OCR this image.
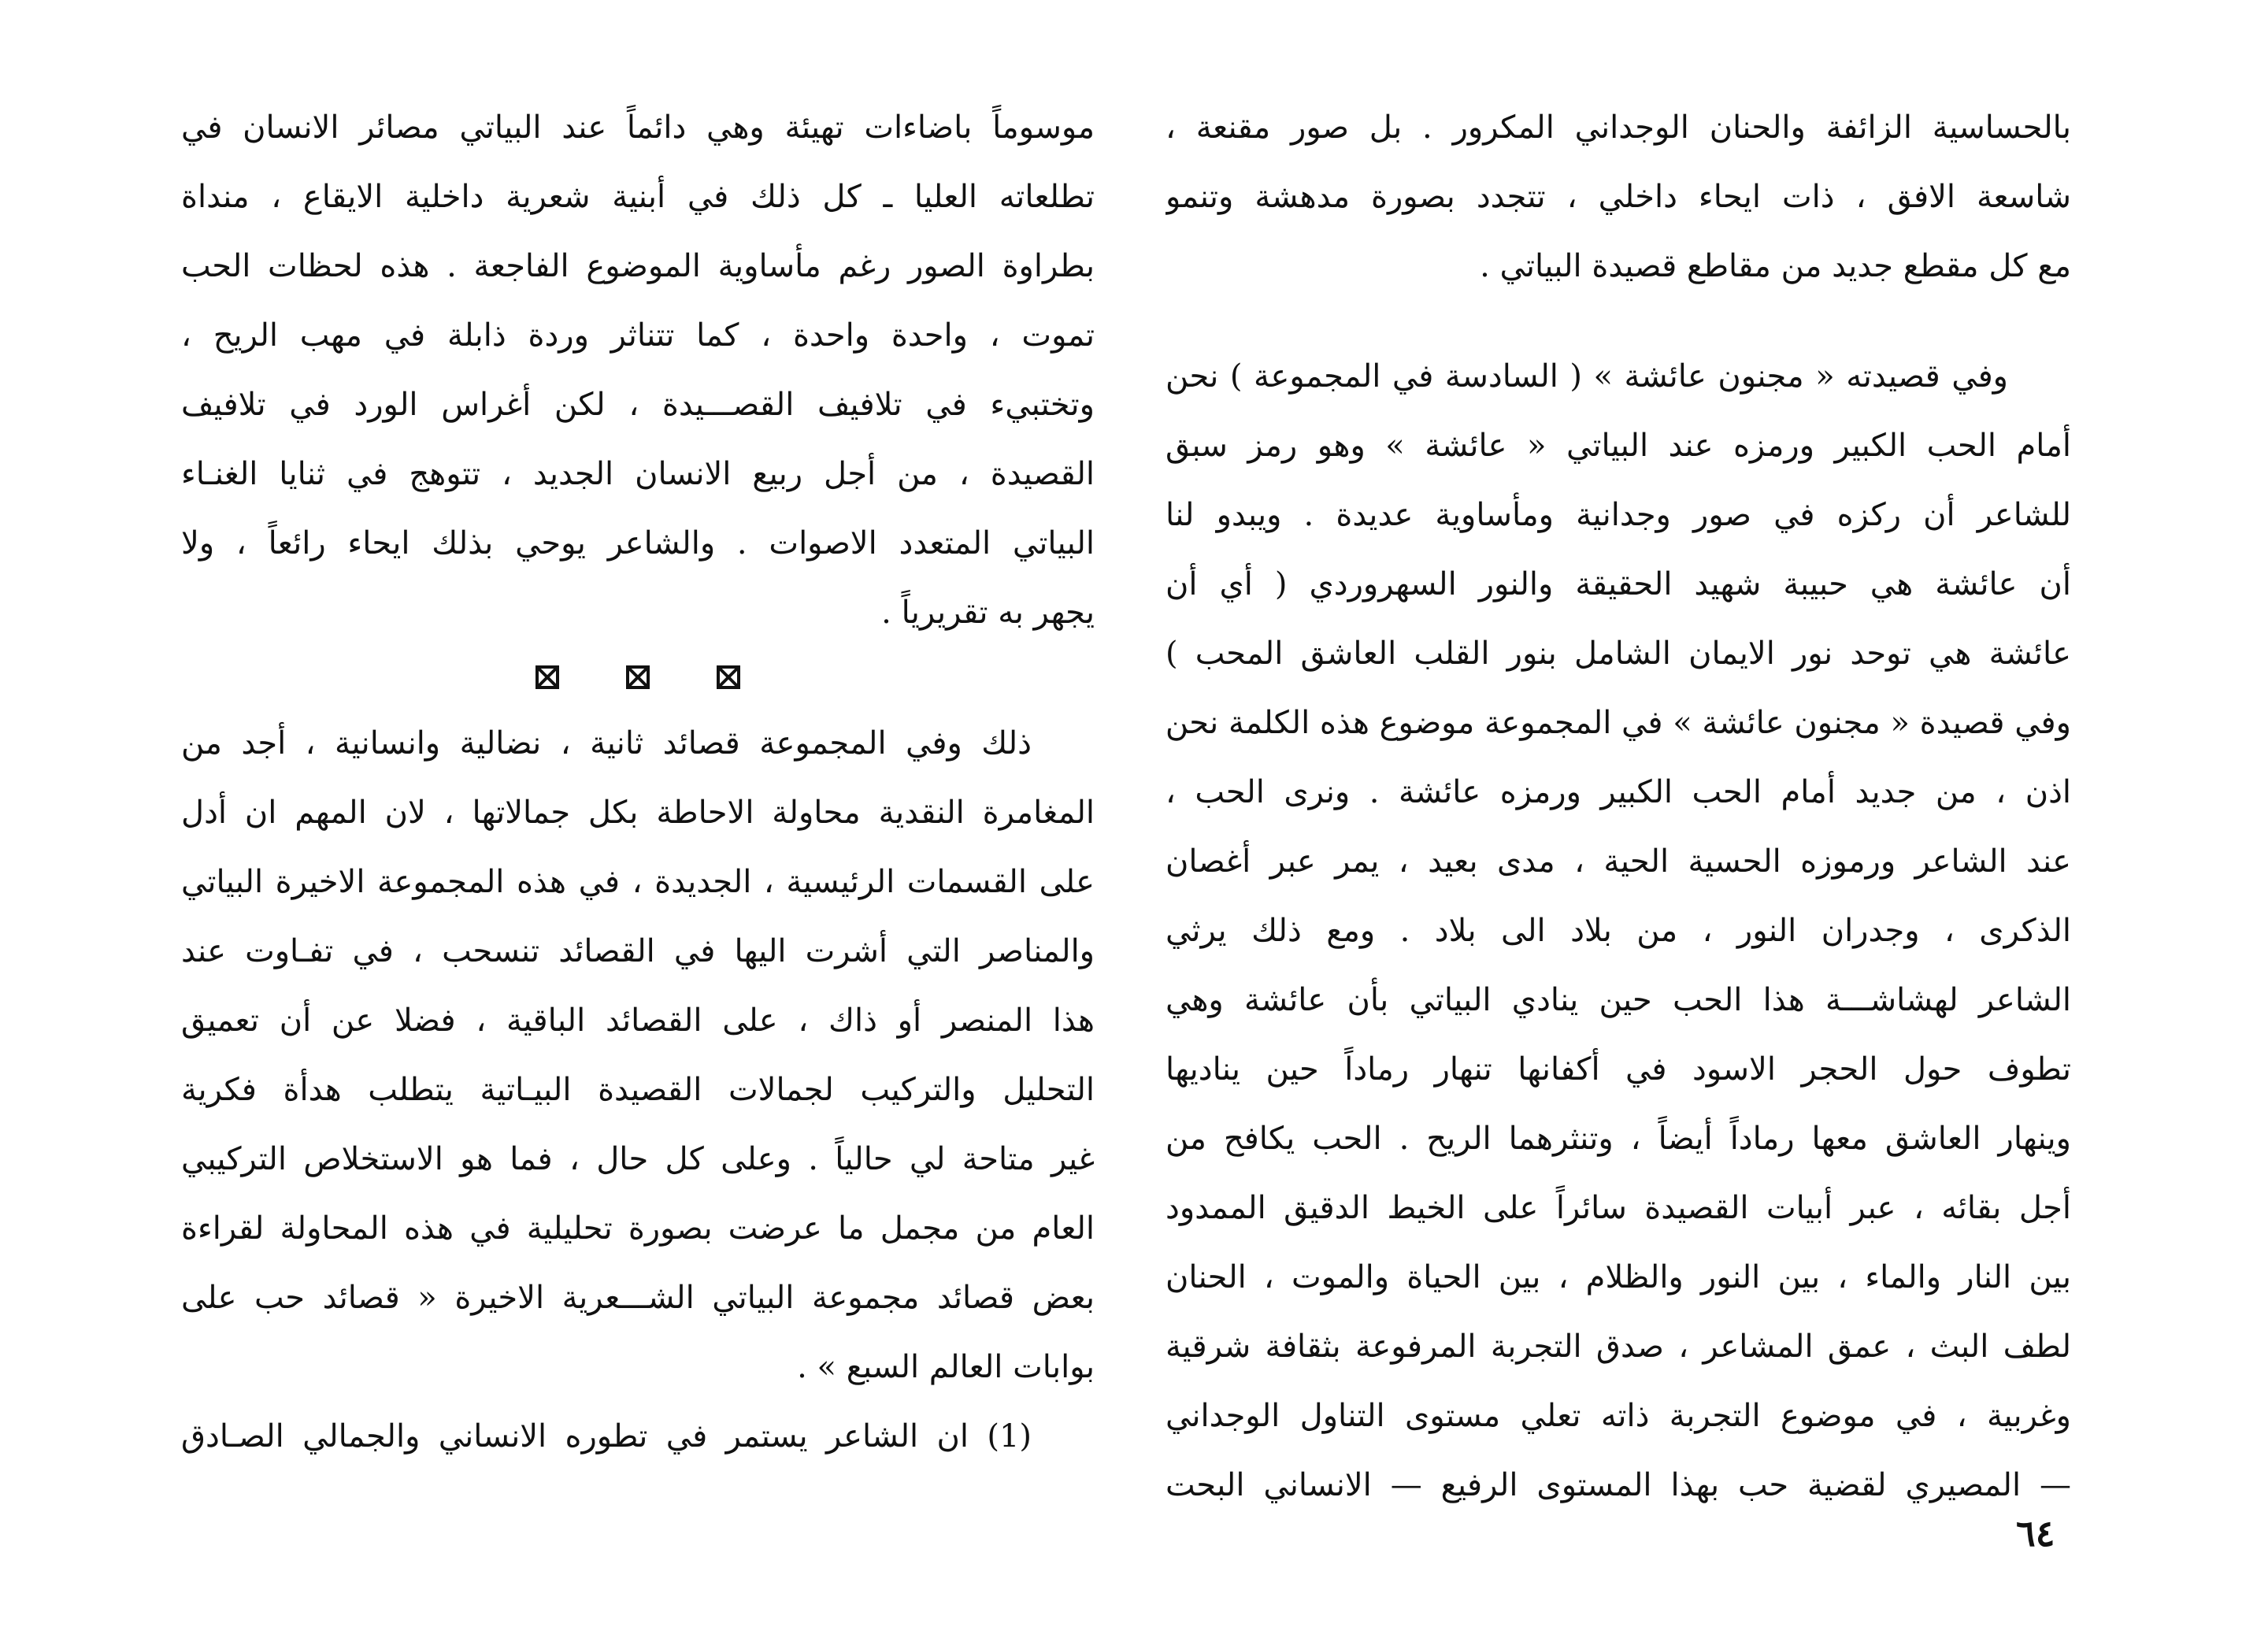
بالحساسية الزائفة والحنان الوجداني المكرور . بل صور مقنعة ،
شاسعة الافق ، ذات ايحاء داخلي ، تتجدد بصورة مدهشة وتنمو
مع كل مقطع جديد من مقاطع قصيدة البياتي .
وفي قصيدته « مجنون عائشة » ( السادسة في المجموعة ) نحن
أمام الحب الكبير ورمزه عند البياتي « عائشة » وهو رمز سبق
للشاعر أن ركزه في صور وجدانية ومأساوية عديدة . ويبدو لنا
أن عائشة هي حبيبة شهيد الحقيقة والنور السهروردي ( أي أن
عائشة هي توحد نور الايمان الشامل بنور القلب العاشق المحب )
وفي قصيدة « مجنون عائشة » في المجموعة موضوع هذه الكلمة نحن
اذن ، من جديد أمام الحب الكبير ورمزه عائشة . ونرى الحب ،
عند الشاعر ورموزه الحسية الحية ، مدى بعيد ، يمر عبر أغصان
الذكرى ، وجدران النور ، من بلاد الى بلاد . ومع ذلك يرثي
الشاعر لهشاشـــة هذا الحب حين ينادي البياتي بأن عائشة وهي
تطوف حول الحجر الاسود في أكفانها تنهار رماداً حين يناديها
وينهار العاشق معها رماداً أيضاً ، وتنثرهما الريح . الحب يكافح من
أجل بقائه ، عبر أبيات القصيدة سائراً على الخيط الدقيق الممدود
بين النار والماء ، بين النور والظلام ، بين الحياة والموت ، الحنان
لطف البث ، عمق المشاعر ، صدق التجربة المرفوعة بثقافة شرقية
وغربية ، في موضوع التجربة ذاته تعلي مستوى التناول الوجداني
— المصيري لقضية حب بهذا المستوى الرفيع — الانساني البحت
موسوماً باضاءات تهيئة وهي دائماً عند البياتي مصائر الانسان في
تطلعاته العليا ـ كل ذلك في أبنية شعرية داخلية الايقاع ، منداة
بطراوة الصور رغم مأساوية الموضوع الفاجعة . هذه لحظات الحب
تموت ، واحدة واحدة ، كما تتناثر وردة ذابلة في مهب الريح ،
وتختبيء في تلافيف القصـــيدة ، لكن أغراس الورد في تلافيف
القصيدة ، من أجل ربيع الانسان الجديد ، تتوهج في ثنايا الغنـاء
البياتي المتعدد الاصوات . والشاعر يوحي بذلك ايحاء رائعاً ، ولا
يجهر به تقريرياً .
ذلك وفي المجموعة قصائد ثانية ، نضالية وانسانية ، أجد من
المغامرة النقدية محاولة الاحاطة بكل جمالاتها ، لان المهم ان أدل
على القسمات الرئيسية ، الجديدة ، في هذه المجموعة الاخيرة البياتي
والمناصر التي أشرت اليها في القصائد تنسحب ، في تفـاوت عند
هذا المنصر أو ذاك ، على القصائد الباقية ، فضلا عن أن تعميق
التحليل والتركيب لجمالات القصيدة البيـاتية يتطلب هدأة فكرية
غير متاحة لي حالياً . وعلى كل حال ، فما هو الاستخلاص التركيبي
العام من مجمل ما عرضت بصورة تحليلية في هذه المحاولة لقراءة
بعض قصائد مجموعة البياتي الشـــعرية الاخيرة « قصائد حب على
بوابات العالم السبع » .
(1) ان الشاعر يستمر في تطوره الانساني والجمالي الصـادق
٦٤
